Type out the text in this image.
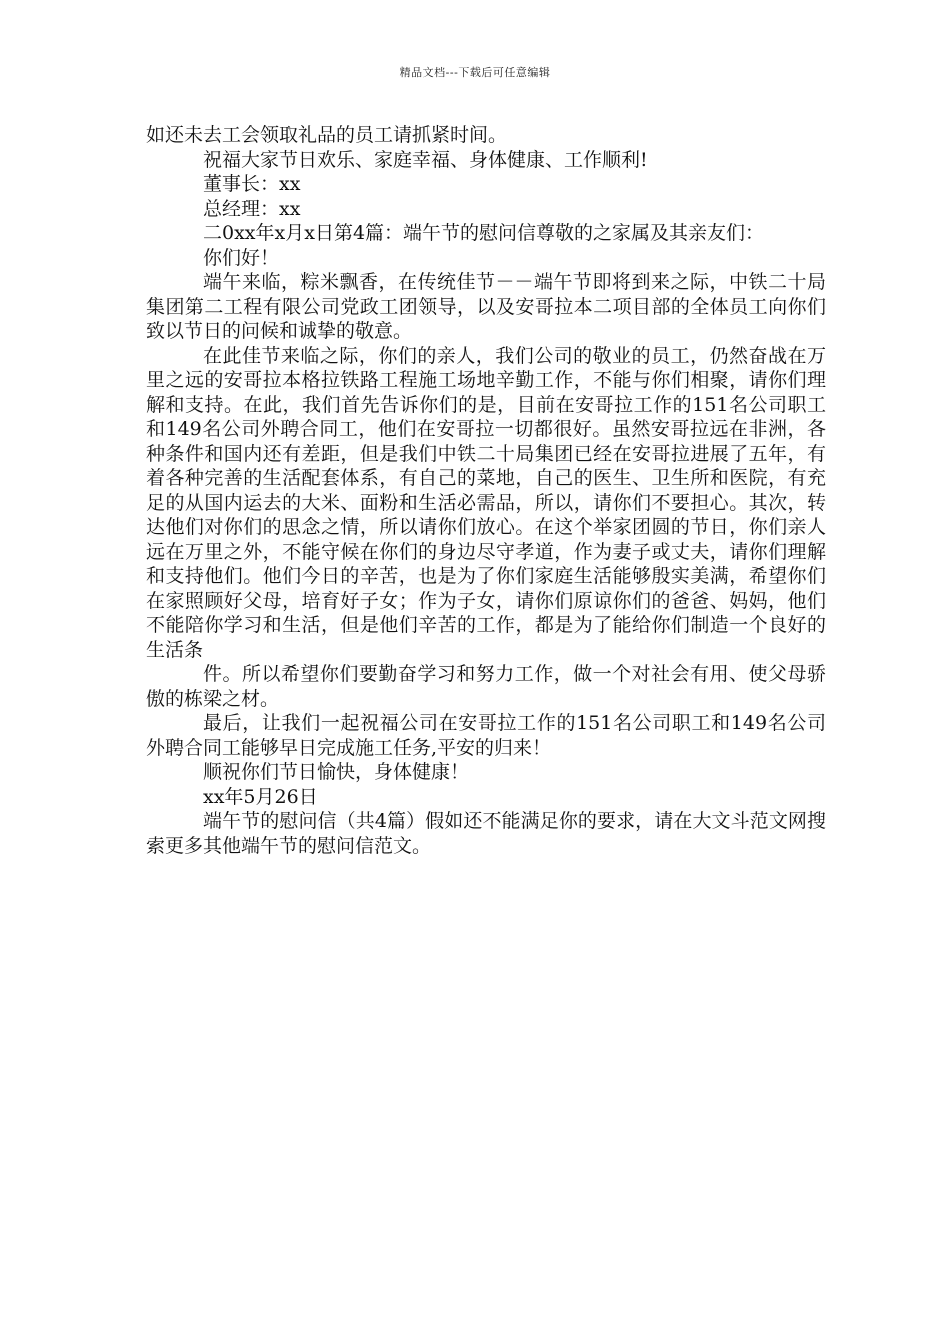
精品文档---下载后可任意编辑

如还未去工会领取礼品的员工请抓紧时间。

祝福大家节日欢乐、家庭幸福、身体健康、工作顺利!

董事长：xx

总经理：xx

二0xx年x月x日第4篇：端午节的慰问信尊敬的之家属及其亲友们：

你们好！

端午来临，粽米飘香，在传统佳节－－端午节即将到来之际，中铁二十局集团第二工程有限公司党政工团领导，以及安哥拉本二项目部的全体员工向你们致以节日的问候和诚挚的敬意。

在此佳节来临之际，你们的亲人，我们公司的敬业的员工，仍然奋战在万里之远的安哥拉本格拉铁路工程施工场地辛勤工作，不能与你们相聚，请你们理解和支持。在此，我们首先告诉你们的是，目前在安哥拉工作的151名公司职工和149名公司外聘合同工，他们在安哥拉一切都很好。虽然安哥拉远在非洲，各种条件和国内还有差距，但是我们中铁二十局集团已经在安哥拉进展了五年，有着各种完善的生活配套体系，有自己的菜地，自己的医生、卫生所和医院，有充足的从国内运去的大米、面粉和生活必需品，所以，请你们不要担心。其次，转达他们对你们的思念之情，所以请你们放心。在这个举家团圆的节日，你们亲人远在万里之外，不能守候在你们的身边尽守孝道，作为妻子或丈夫，请你们理解和支持他们。他们今日的辛苦，也是为了你们家庭生活能够殷实美满，希望你们在家照顾好父母，培育好子女；作为子女，请你们原谅你们的爸爸、妈妈，他们不能陪你学习和生活，但是他们辛苦的工作，都是为了能给你们制造一个良好的生活条

件。所以希望你们要勤奋学习和努力工作，做一个对社会有用、使父母骄傲的栋梁之材。

最后，让我们一起祝福公司在安哥拉工作的151名公司职工和149名公司外聘合同工能够早日完成施工任务,平安的归来！

顺祝你们节日愉快，身体健康！

xx年5月26日

端午节的慰问信（共4篇）假如还不能满足你的要求，请在大文斗范文网搜索更多其他端午节的慰问信范文。
